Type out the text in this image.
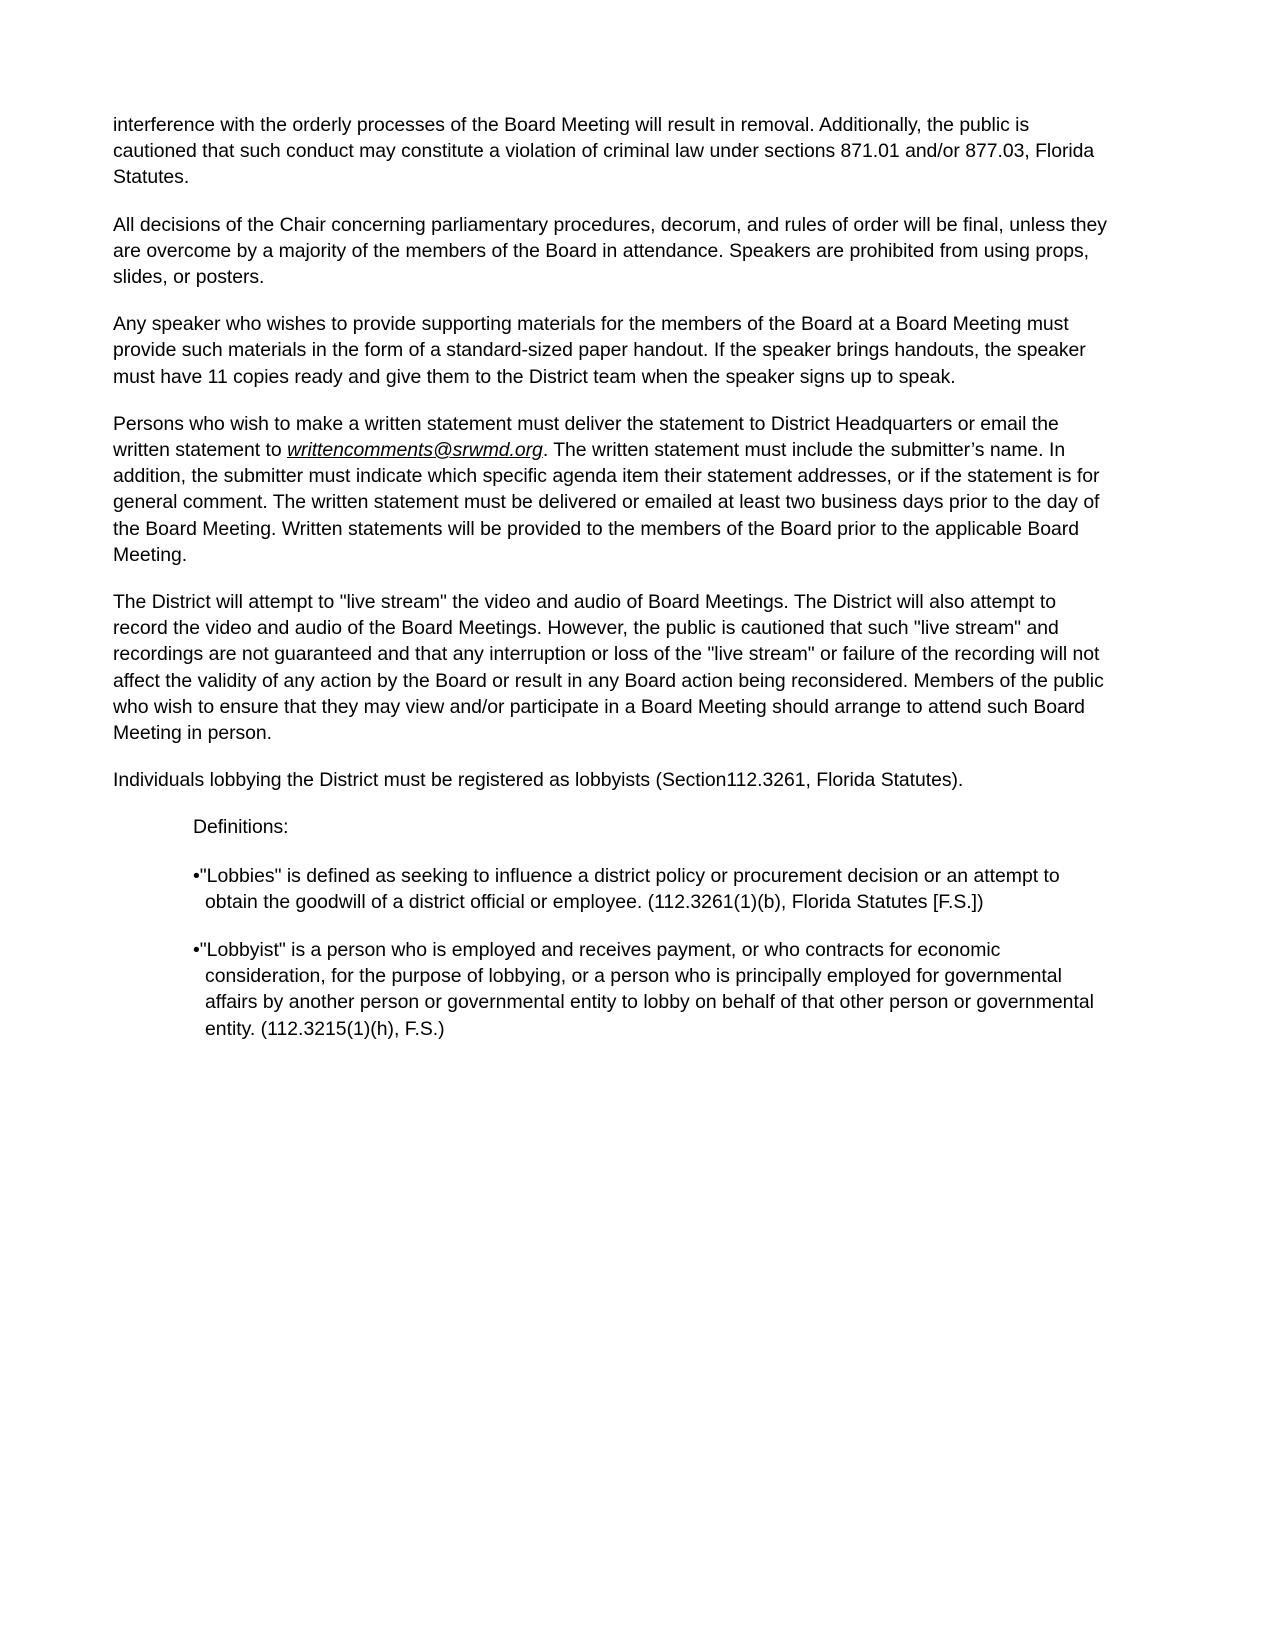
interference with the orderly processes of the Board Meeting will result in removal. Additionally, the public is cautioned that such conduct may constitute a violation of criminal law under sections 871.01 and/or 877.03, Florida Statutes.

All decisions of the Chair concerning parliamentary procedures, decorum, and rules of order will be final, unless they are overcome by a majority of the members of the Board in attendance. Speakers are prohibited from using props, slides, or posters.

Any speaker who wishes to provide supporting materials for the members of the Board at a Board Meeting must provide such materials in the form of a standard-sized paper handout. If the speaker brings handouts, the speaker must have 11 copies ready and give them to the District team when the speaker signs up to speak.

Persons who wish to make a written statement must deliver the statement to District Headquarters or email the written statement to writtencomments@srwmd.org. The written statement must include the submitter’s name. In addition, the submitter must indicate which specific agenda item their statement addresses, or if the statement is for general comment. The written statement must be delivered or emailed at least two business days prior to the day of the Board Meeting. Written statements will be provided to the members of the Board prior to the applicable Board Meeting.

The District will attempt to "live stream" the video and audio of Board Meetings. The District will also attempt to record the video and audio of the Board Meetings. However, the public is cautioned that such "live stream" and recordings are not guaranteed and that any interruption or loss of the "live stream" or failure of the recording will not affect the validity of any action by the Board or result in any Board action being reconsidered. Members of the public who wish to ensure that they may view and/or participate in a Board Meeting should arrange to attend such Board Meeting in person.

Individuals lobbying the District must be registered as lobbyists (Section112.3261, Florida Statutes).

Definitions:

•"Lobbies" is defined as seeking to influence a district policy or procurement decision or an attempt to obtain the goodwill of a district official or employee. (112.3261(1)(b), Florida Statutes [F.S.])

•"Lobbyist" is a person who is employed and receives payment, or who contracts for economic consideration, for the purpose of lobbying, or a person who is principally employed for governmental affairs by another person or governmental entity to lobby on behalf of that other person or governmental entity. (112.3215(1)(h), F.S.)
